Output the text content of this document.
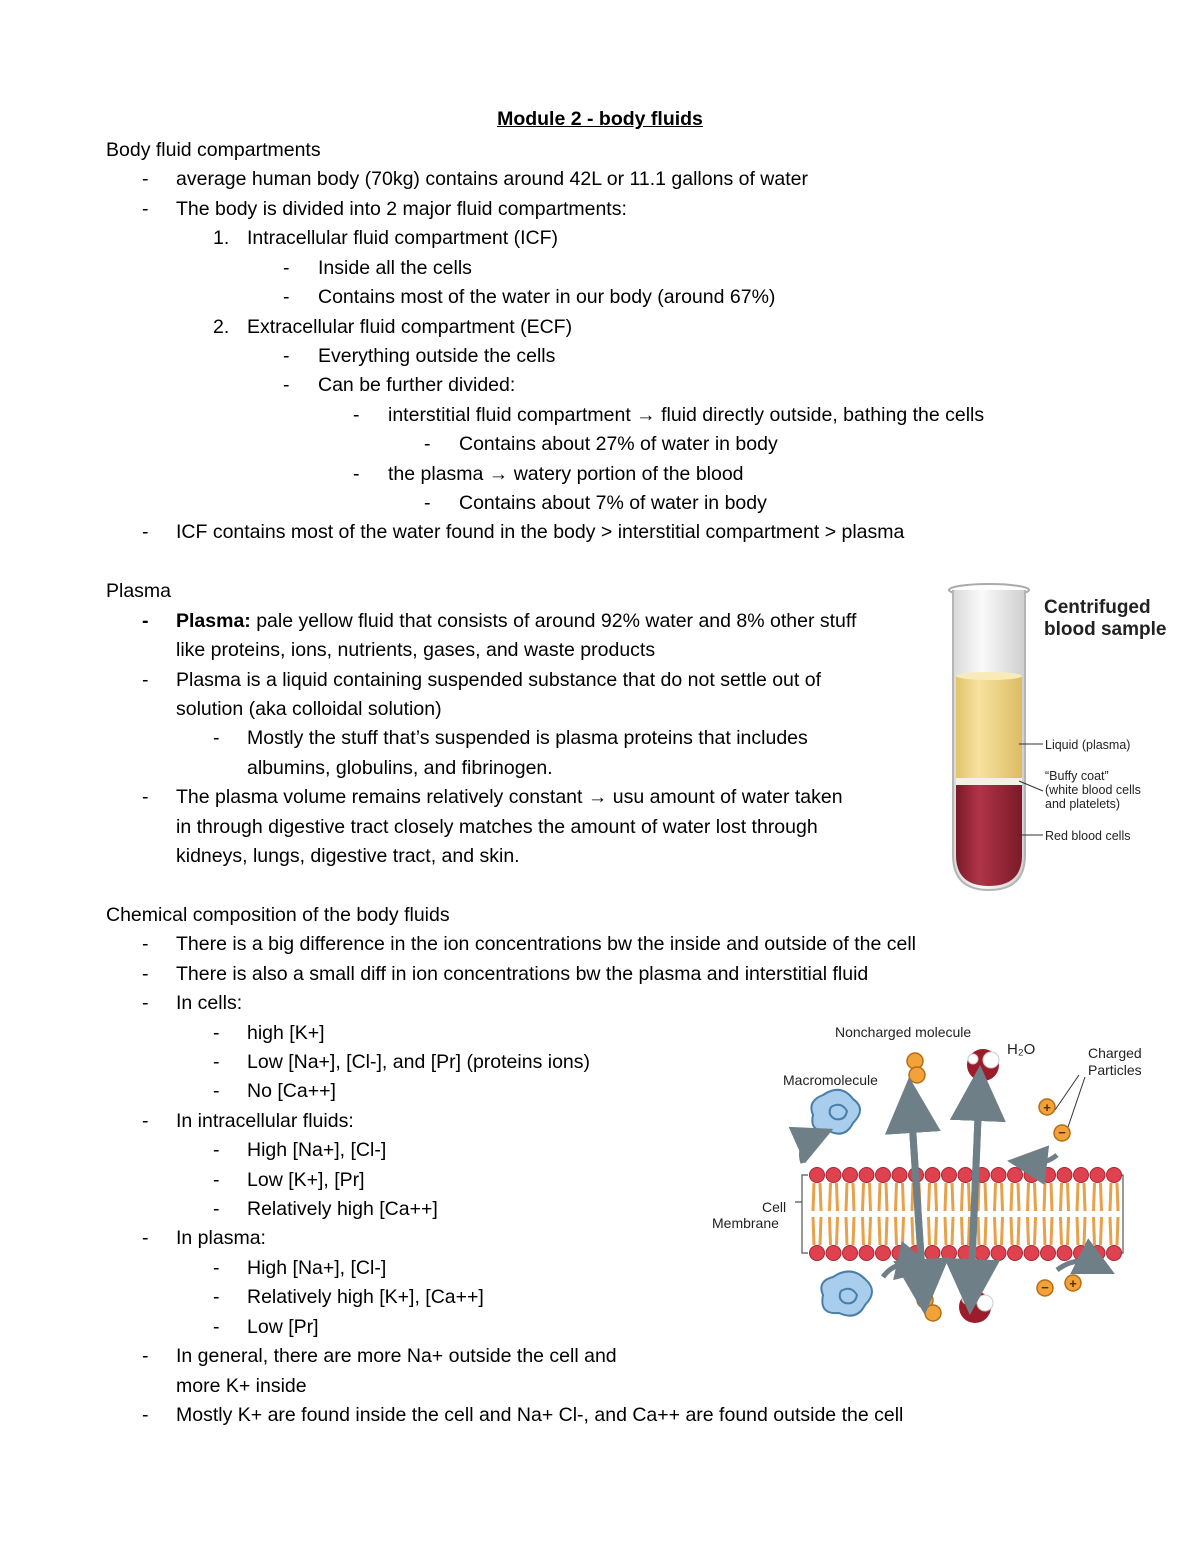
Module 2 - body fluids
Body fluid compartments
- average human body (70kg) contains around 42L or 11.1 gallons of water
- The body is divided into 2 major fluid compartments:
1. Intracellular fluid compartment (ICF)
- Inside all the cells
- Contains most of the water in our body (around 67%)
2. Extracellular fluid compartment (ECF)
- Everything outside the cells
- Can be further divided:
- interstitial fluid compartment → fluid directly outside, bathing the cells
- Contains about 27% of water in body
- the plasma → watery portion of the blood
- Contains about 7% of water in body
- ICF contains most of the water found in the body > interstitial compartment > plasma
Plasma
- Plasma: pale yellow fluid that consists of around 92% water and 8% other stuff
like proteins, ions, nutrients, gases, and waste products
- Plasma is a liquid containing suspended substance that do not settle out of
solution (aka colloidal solution)
- Mostly the stuff that’s suspended is plasma proteins that includes
albumins, globulins, and fibrinogen.
- The plasma volume remains relatively constant → usu amount of water taken
in through digestive tract closely matches the amount of water lost through
kidneys, lungs, digestive tract, and skin.
Centrifuged
blood sample
Liquid (plasma)
“Buffy coat”
(white blood cells
and platelets)
Red blood cells
Chemical composition of the body fluids
- There is a big difference in the ion concentrations bw the inside and outside of the cell
- There is also a small diff in ion concentrations bw the plasma and interstitial fluid
- In cells:
- high [K+]
- Low [Na+], [Cl-], and [Pr] (proteins ions)
- No [Ca++]
- In intracellular fluids:
- High [Na+], [Cl-]
- Low [K+], [Pr]
- Relatively high [Ca++]
- In plasma:
- High [Na+], [Cl-]
- Relatively high [K+], [Ca++]
- Low [Pr]
- In general, there are more Na+ outside the cell and
more K+ inside
- Mostly K+ are found inside the cell and Na+ Cl-, and Ca++ are found outside the cell
Noncharged molecule
H₂O	Charged
Particles
Macromolecule
Cell
Membrane
+
−
− +
